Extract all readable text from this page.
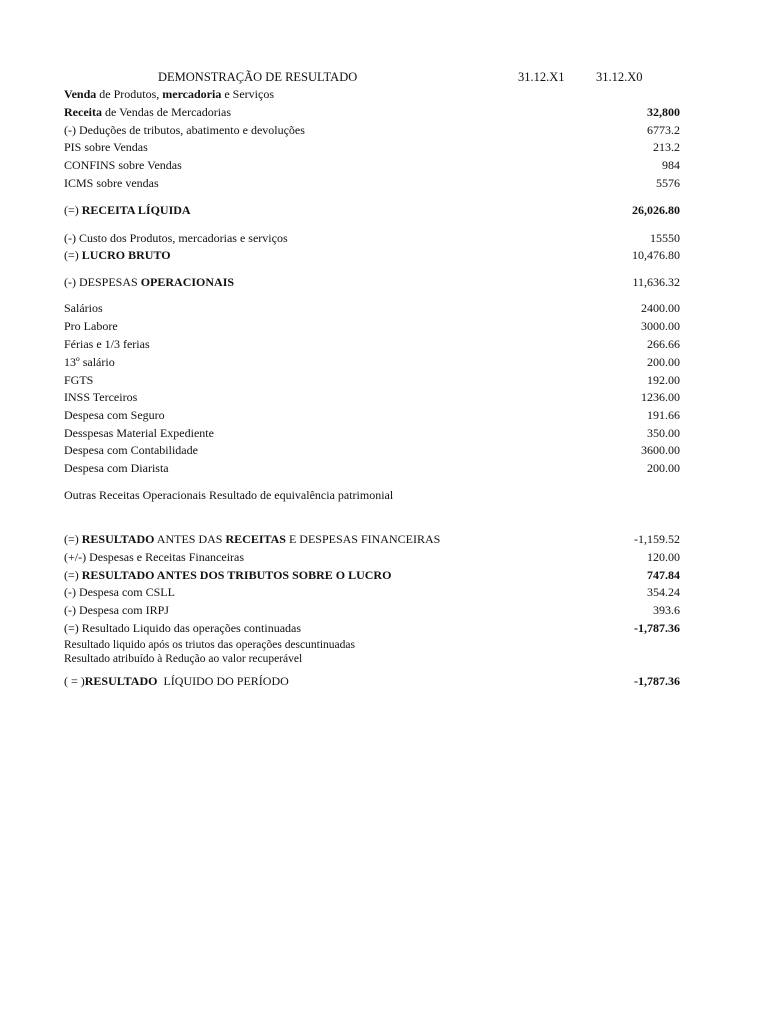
DEMONSTRAÇÃO DE RESULTADO	31.12.X1	31.12.X0
Venda de Produtos, mercadoria e Serviços
Receita de Vendas de Mercadorias	32,800
(-) Deduções de tributos, abatimento e devoluções	6773.2
PIS sobre Vendas	213.2
CONFINS sobre Vendas	984
ICMS sobre vendas	5576
(=) RECEITA LÍQUIDA	26,026.80
(-) Custo dos Produtos, mercadorias e serviços	15550
(=) LUCRO BRUTO	10,476.80
(-) DESPESAS OPERACIONAIS	11,636.32
Salários	2400.00
Pro Labore	3000.00
Férias e 1/3 ferias	266.66
13º salário	200.00
FGTS	192.00
INSS Terceiros	1236.00
Despesa com Seguro	191.66
Desspesas Material Expediente	350.00
Despesa com Contabilidade	3600.00
Despesa com Diarista	200.00
Outras Receitas Operacionais Resultado de equivalência patrimonial
(=) RESULTADO ANTES DAS RECEITAS E DESPESAS FINANCEIRAS	-1,159.52
(+/-) Despesas e Receitas Financeiras	120.00
(=) RESULTADO ANTES DOS TRIBUTOS SOBRE O LUCRO	747.84
(-) Despesa com CSLL	354.24
(-) Despesa com IRPJ	393.6
(=) Resultado Liquido das operações continuadas	-1,787.36
Resultado liquido após os triutos das operações descuntinuadas
Resultado atribuído à Redução ao valor recuperável
( = )RESULTADO  LÍQUIDO DO PERÍODO	-1,787.36
